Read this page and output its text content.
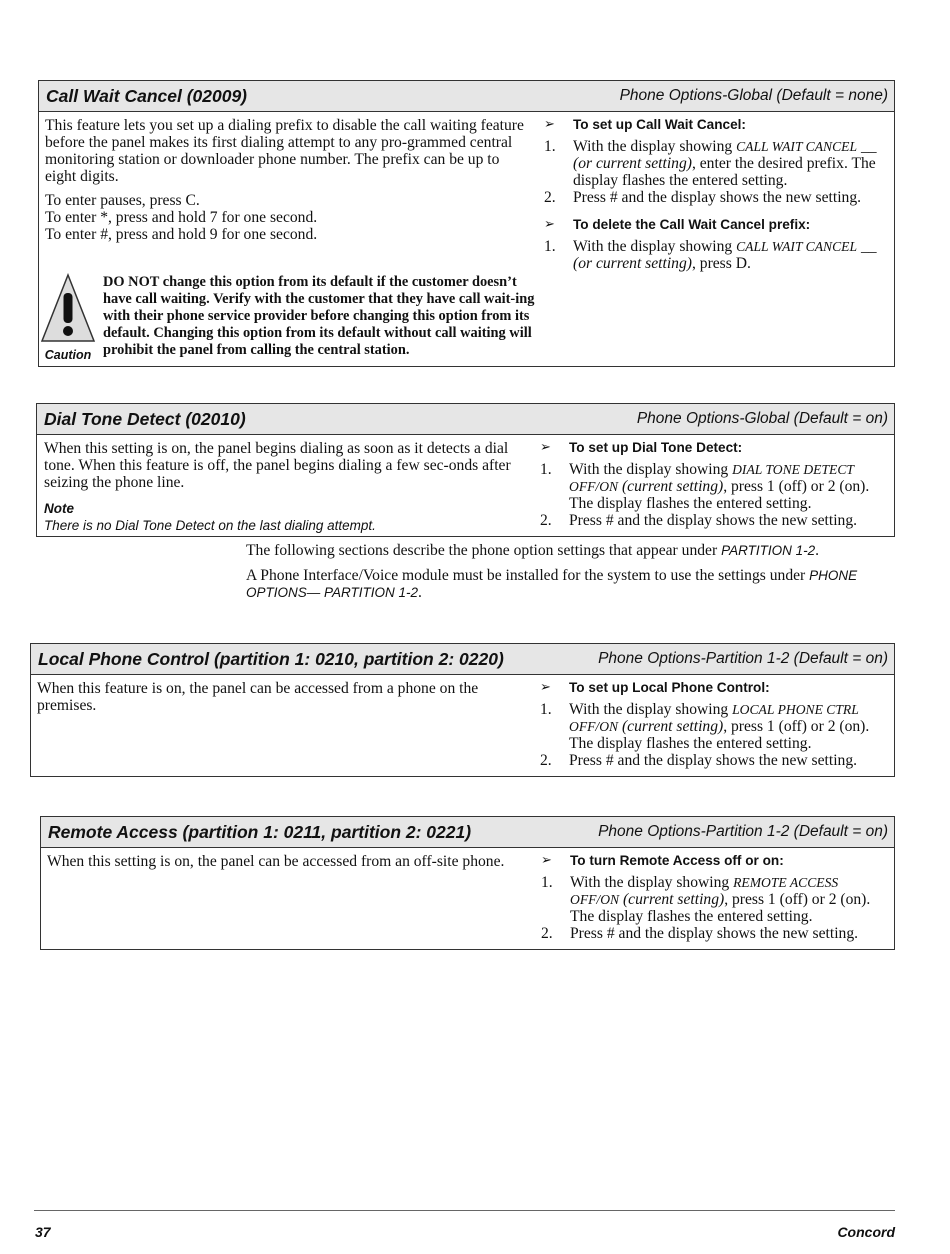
Call Wait Cancel (02009)	Phone Options-Global (Default = none)

This feature lets you set up a dialing prefix to disable the call waiting feature before the panel makes its first dialing attempt to any pro-grammed central monitoring station or downloader phone number. The prefix can be up to eight digits.

To enter pauses, press C.
To enter *, press and hold 7 for one second.
To enter #, press and hold 9 for one second.
➢	To set up Call Wait Cancel:
1.	With the display showing CALL WAIT CANCEL __ (or current setting), enter the desired prefix. The display flashes the entered setting.
2.	Press # and the display shows the new setting.
➢	To delete the Call Wait Cancel prefix:
1.	With the display showing CALL WAIT CANCEL __ (or current setting), press D.
Caution
DO NOT change this option from its default if the customer doesn’t have call waiting. Verify with the customer that they have call wait-ing with their phone service provider before changing this option from its default. Changing this option from its default without call waiting will prohibit the panel from calling the central station.
Dial Tone Detect (02010)	Phone Options-Global (Default = on)

When this setting is on, the panel begins dialing as soon as it detects a dial tone. When this feature is off, the panel begins dialing a few sec-onds after seizing the phone line.

Note
There is no Dial Tone Detect on the last dialing attempt.
➢	To set up Dial Tone Detect:
1.	With the display showing DIAL TONE DETECT OFF/ON (current setting), press 1 (off) or 2 (on). The display flashes the entered setting.
2.	Press # and the display shows the new setting.
The following sections describe the phone option settings that appear under PARTITION 1-2.
A Phone Interface/Voice module must be installed for the system to use the settings under PHONE OPTIONS— PARTITION 1-2.
Local Phone Control (partition 1: 0210, partition 2: 0220)	Phone Options-Partition 1-2 (Default = on)

When this feature is on, the panel can be accessed from a phone on the premises.

➢	To set up Local Phone Control:
1.	With the display showing LOCAL PHONE CTRL OFF/ON (current setting), press 1 (off) or 2 (on). The display flashes the entered setting.
2.	Press # and the display shows the new setting.
Remote Access (partition 1: 0211, partition 2: 0221)	Phone Options-Partition 1-2 (Default = on)

When this setting is on, the panel can be accessed from an off-site phone.	➢	To turn Remote Access off or on:
1.	With the display showing REMOTE ACCESS OFF/ON (current setting), press 1 (off) or 2 (on). The display flashes the entered setting.
2.	Press # and the display shows the new setting.
37	Concord
